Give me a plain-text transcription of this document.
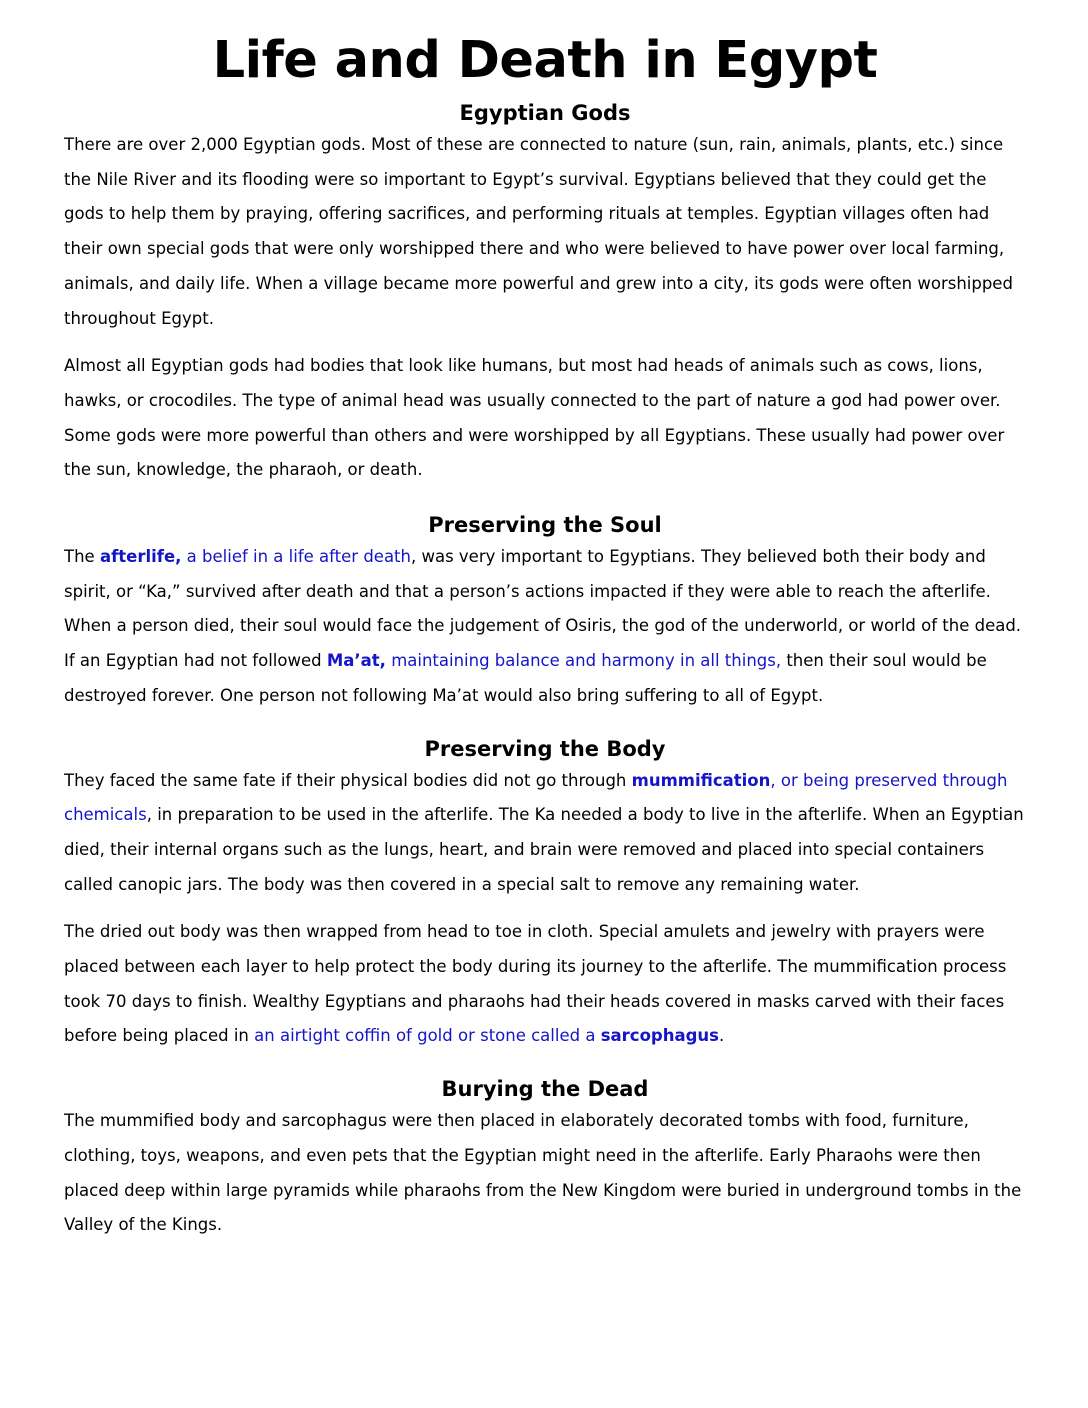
Life and Death in Egypt
Egyptian Gods

There are over 2,000 Egyptian gods. Most of these are connected to nature (sun, rain, animals, plants, etc.) since the Nile River and its flooding were so important to Egypt’s survival. Egyptians believed that they could get the gods to help them by praying, offering sacrifices, and performing rituals at temples. Egyptian villages often had their own special gods that were only worshipped there and who were believed to have power over local farming, animals, and daily life. When a village became more powerful and grew into a city, its gods were often worshipped throughout Egypt.

Almost all Egyptian gods had bodies that look like humans, but most had heads of animals such as cows, lions, hawks, or crocodiles. The type of animal head was usually connected to the part of nature a god had power over. Some gods were more powerful than others and were worshipped by all Egyptians. These usually had power over the sun, knowledge, the pharaoh, or death.

Preserving the Soul

The afterlife, a belief in a life after death, was very important to Egyptians. They believed both their body and spirit, or “Ka,” survived after death and that a person’s actions impacted if they were able to reach the afterlife. When a person died, their soul would face the judgement of Osiris, the god of the underworld, or world of the dead. If an Egyptian had not followed Ma’at, maintaining balance and harmony in all things, then their soul would be destroyed forever. One person not following Ma’at would also bring suffering to all of Egypt.

Preserving the Body

They faced the same fate if their physical bodies did not go through mummification, or being preserved through chemicals, in preparation to be used in the afterlife. The Ka needed a body to live in the afterlife. When an Egyptian died, their internal organs such as the lungs, heart, and brain were removed and placed into special containers called canopic jars. The body was then covered in a special salt to remove any remaining water.

The dried out body was then wrapped from head to toe in cloth. Special amulets and jewelry with prayers were placed between each layer to help protect the body during its journey to the afterlife. The mummification process took 70 days to finish. Wealthy Egyptians and pharaohs had their heads covered in masks carved with their faces before being placed in an airtight coffin of gold or stone called a sarcophagus.

Burying the Dead

The mummified body and sarcophagus were then placed in elaborately decorated tombs with food, furniture, clothing, toys, weapons, and even pets that the Egyptian might need in the afterlife. Early Pharaohs were then placed deep within large pyramids while pharaohs from the New Kingdom were buried in underground tombs in the Valley of the Kings.
